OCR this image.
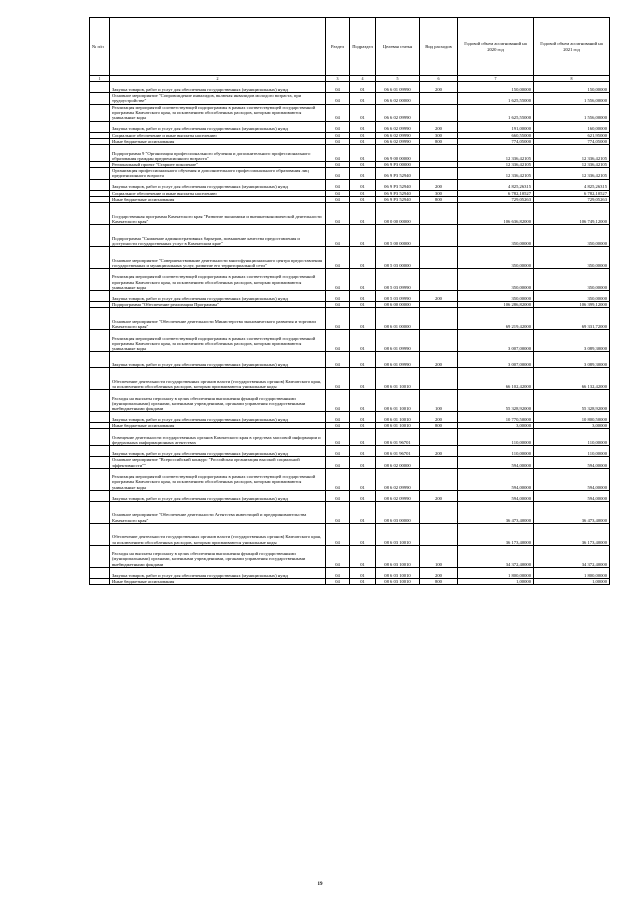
№ п/п		Раздел	Подраздел	Целевая статья	Вид расходов	Годовой объем ассигнований на 2020 год	Годовой объем ассигнований на 2021 год
1	2	3	4	5	6	7	8
	Закупка товаров, работ и услуг для обеспечения государственных (муниципальных) нужд	04	01	06 6 01 09990	200	150,00000	150,00000
	Основное мероприятие "Сопровождение инвалидов, включая инвалидов молодого возраста, при трудоустройстве"	04	01	06 6 02 00000		1 625,55000	1 556,00000
	Реализация мероприятий соответствующей подпрограммы в рамках соответствующей государственной программы Камчатского края, за исключением обособленных расходов, которым присваиваются уникальные коды	04	01	06 6 02 09990		1 625,55000	1 556,00000
	Закупка товаров, работ и услуг для обеспечения государственных (муниципальных) нужд	04	01	06 6 02 09990	200	191,00000	160,00000
	Социальное обеспечение и иные выплаты населению	04	01	06 6 02 09990	300	660,55000	621,95000
	Иные бюджетные ассигнования	04	01	06 6 02 09990	800	774,05000	774,05000
	Подпрограмма 9 "Организация профессионального обучения и дополнительного профессионального образования граждан предпенсионного возраста"	04	01	06 9 00 00000		12 336,42105	12 336,42105
	Региональный проект "Старшее поколение"	04	01	06 9 P3 00000		12 336,42105	12 336,42105
	Организация профессионального обучения и дополнительного профессионального образования лиц предпенсионного возраста	04	01	06 9 P3 52940		12 336,42105	12 336,42105
	Закупка товаров, работ и услуг для обеспечения государственных (муниципальных) нужд	04	01	06 9 P3 52940	200	4 825,26315	4 825,26315
	Социальное обеспечение и иные выплаты населению	04	01	06 9 P3 52940	300	6 782,10527	6 782,10527
	Иные бюджетные ассигнования	04	01	06 9 P3 52940	800	729,05263	729,05263
	Государственная программа Камчатского края "Развитие экономики и внешнеэкономической деятельности Камчатского края"	04	01	08 0 00 00000		106 636,82000	106 749,12000
	Подпрограмма "Снижение административных барьеров, повышение качества предоставления и доступности государственных услуг в Камчатском крае"	04	01	08 5 00 00000		350,00000	350,00000
	Основное мероприятие "Совершенствование деятельности многофункционального центра предоставления государственных и муниципальных услуг, развитие его территориальной сети"	04	01	08 5 03 00000		350,00000	350,00000
	Реализация мероприятий соответствующей подпрограммы в рамках соответствующей государственной программы Камчатского края, за исключением обособленных расходов, которым присваиваются уникальные коды	04	01	08 5 03 09990		350,00000	350,00000
	Закупка товаров, работ и услуг для обеспечения государственных (муниципальных) нужд	04	01	08 5 03 09990	200	350,00000	350,00000
	Подпрограмма "Обеспечение реализации Программы"	04	01	08 6 00 00000		106 286,82000	106 399,12000
	Основное мероприятие "Обеспечение деятельности Министерства экономического развития и торговли Камчатского края"	04	01	08 6 01 00000		69 219,42000	69 331,72000
	Реализация мероприятий соответствующей подпрограммы в рамках соответствующей государственной программы Камчатского края, за исключением обособленных расходов, которым присваиваются уникальные коды	04	01	08 6 01 09990		3 007,00000	3 089,30000
	Закупка товаров, работ и услуг для обеспечения государственных (муниципальных) нужд	04	01	08 6 01 09990	200	3 007,00000	3 089,30000
	Обеспечение деятельности государственных органов власти (государственных органов) Камчатского края, за исключением обособленных расходов, которым присваиваются уникальные коды	04	01	08 6 01 10010		66 102,42000	66 132,42000
	Расходы на выплаты персоналу в целях обеспечения выполнения функций государственными (муниципальными) органами, казенными учреждениями, органами управления государственными внебюджетными фондами	04	01	08 6 01 10010	100	55 328,92000	55 328,92000
	Закупка товаров, работ и услуг для обеспечения государственных (муниципальных) нужд	04	01	08 6 01 10010	200	10 770,50000	10 800,50000
	Иные бюджетные ассигнования	04	01	08 6 01 10010	800	3,00000	3,00000
	Освещение деятельности государственных органов Камчатского края в средствах массовой информации и федеральных информационных агентствах	04	01	08 6 01 96701		110,00000	110,00000
	Закупка товаров, работ и услуг для обеспечения государственных (муниципальных) нужд	04	01	08 6 01 96701	200	110,00000	110,00000
	Основное мероприятие "Всероссийский конкурс "Российская организация высокой социальной эффективности""	04	01	08 6 02 00000		594,00000	594,00000
	Реализация мероприятий соответствующей подпрограммы в рамках соответствующей государственной программы Камчатского края, за исключением обособленных расходов, которым присваиваются уникальные коды	04	01	08 6 02 09990		594,00000	594,00000
	Закупка товаров, работ и услуг для обеспечения государственных (муниципальных) нужд	04	01	08 6 02 09990	200	594,00000	594,00000
	Основное мероприятие "Обеспечение деятельности Агентства инвестиций и предпринимательства Камчатского края"	04	01	08 6 03 00000		36 473,40000	36 473,40000
	Обеспечение деятельности государственных органов власти (государственных органов) Камчатского края, за исключением обособленных расходов, которым присваиваются уникальные коды	04	01	08 6 03 10010		36 173,40000	36 173,40000
	Расходы на выплаты персоналу в целях обеспечения выполнения функций государственными (муниципальными) органами, казенными учреждениями, органами управления государственными внебюджетными фондами	04	01	08 6 03 10010	100	34 372,40000	34 372,40000
	Закупка товаров, работ и услуг для обеспечения государственных (муниципальных) нужд	04	01	08 6 03 10010	200	1 800,00000	1 800,00000
	Иные бюджетные ассигнования	04	01	08 6 03 10010	800	1,00000	1,00000
19
